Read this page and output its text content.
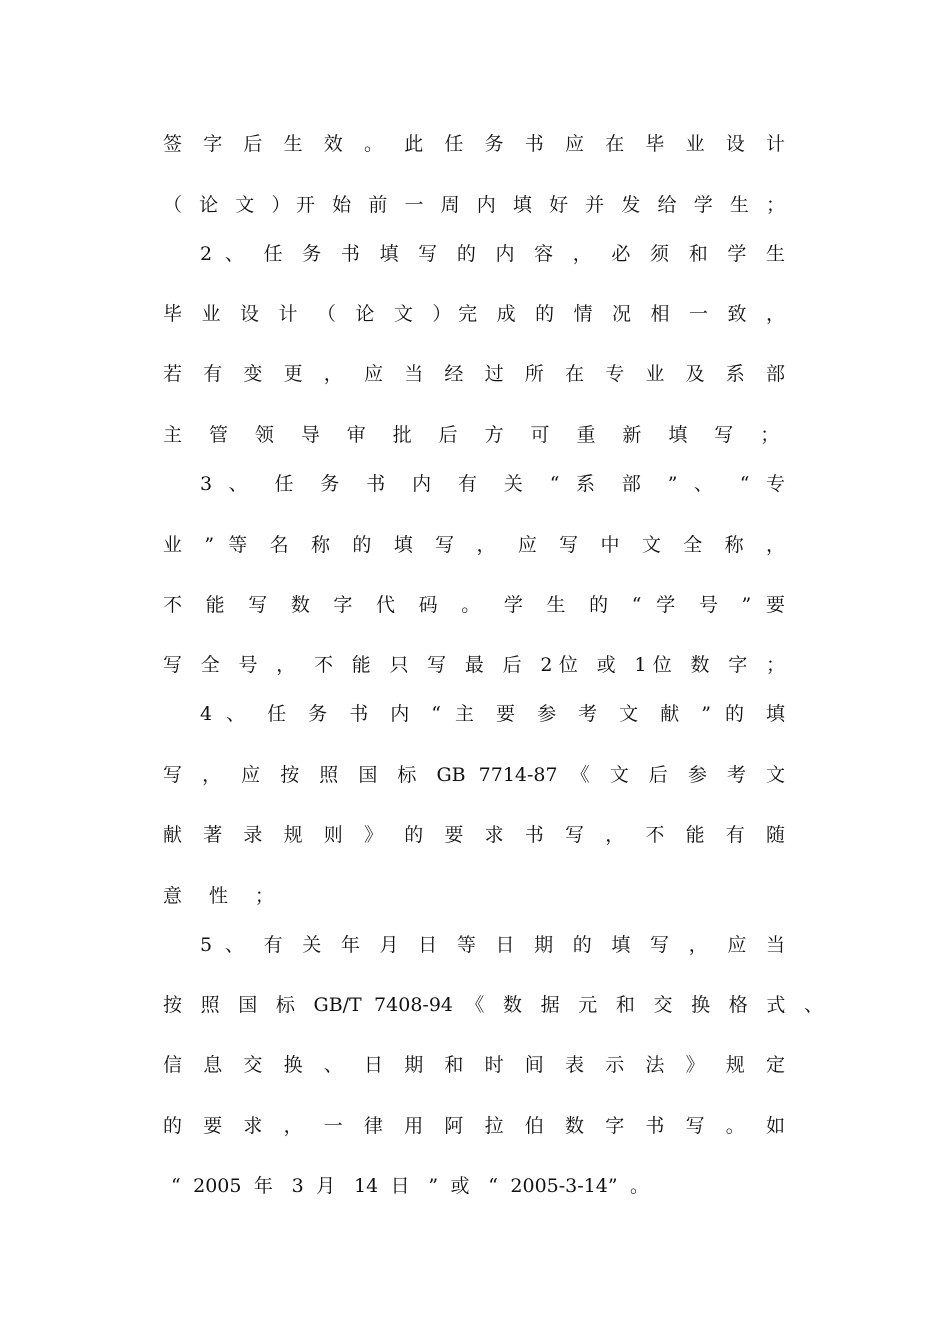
签 字 后 生 效 。 此 任 务 书 应 在 毕 业 设 计

（ 论 文 ）开 始 前 一 周 内 填 好 并 发 给 学 生 ；

2 、 任 务 书 填 写 的 内 容 ， 必 须 和 学 生

毕 业 设 计 （ 论 文 ）完 成 的 情 况 相 一 致 ，

若 有 变 更 ， 应 当 经 过 所 在 专 业 及 系 部

主 管 领 导 审 批 后 方 可 重 新 填 写 ；

3 、 任 务 书 内 有 关 “ 系 部 ” 、 “ 专

业 ” 等 名 称 的 填 写 ， 应 写 中 文 全 称 ，

不 能 写 数 字 代 码 。 学 生 的 “ 学 号 ” 要

写 全 号 ， 不 能 只 写 最 后 2位 或 1位 数 字 ；

4 、 任 务 书 内 “ 主 要 参 考 文 献 ” 的 填

写 ， 应 按 照 国 标 GB 7714-87 《 文 后 参 考 文

献 著 录 规 则 》 的 要 求 书 写 ， 不 能 有 随

意 性 ；

5 、 有 关 年 月 日 等 日 期 的 填 写 ， 应 当

按 照 国 标 GB/T 7408-94 《 数 据 元 和 交 换 格 式 、

信 息 交 换 、 日 期 和 时 间 表 示 法 》 规 定

的 要 求 ， 一 律 用 阿 拉 伯 数 字 书 写 。 如

“ 2005 年 3 月 14 日 ” 或 “ 2005-3-14” 。
